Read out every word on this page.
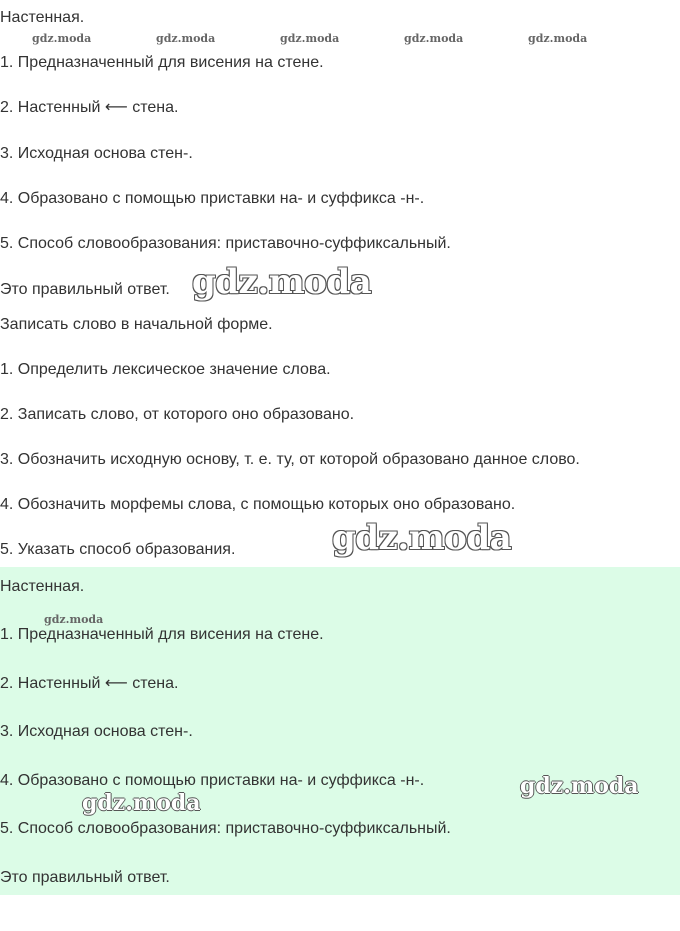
Настенная.

gdz.moda	gdz.moda	gdz.moda	gdz.moda	gdz.moda

1. Предназначенный для висения на стене.

2. Настенный ⟵ стена.

3. Исходная основа стен-.

4. Образовано с помощью приставки на- и суффикса -н-.

5. Способ словообразования: приставочно-суффиксальный.

Это правильный ответ. gdz.moda

Записать слово в начальной форме.

1. Определить лексическое значение слова.

2. Записать слово, от которого оно образовано.

3. Обозначить исходную основу, т. е. ту, от которой образовано данное слово.

4. Обозначить морфемы слова, с помощью которых оно образовано.

5. Указать способ образования.	gdz.moda

Настенная.

gdz.moda

1. Предназначенный для висения на стене.

2. Настенный ⟵ стена.

3. Исходная основа стен-.

4. Образовано с помощью приставки на- и суффикса -н-.	gdz.moda
gdz.moda

5. Способ словообразования: приставочно-суффиксальный.

Это правильный ответ.
